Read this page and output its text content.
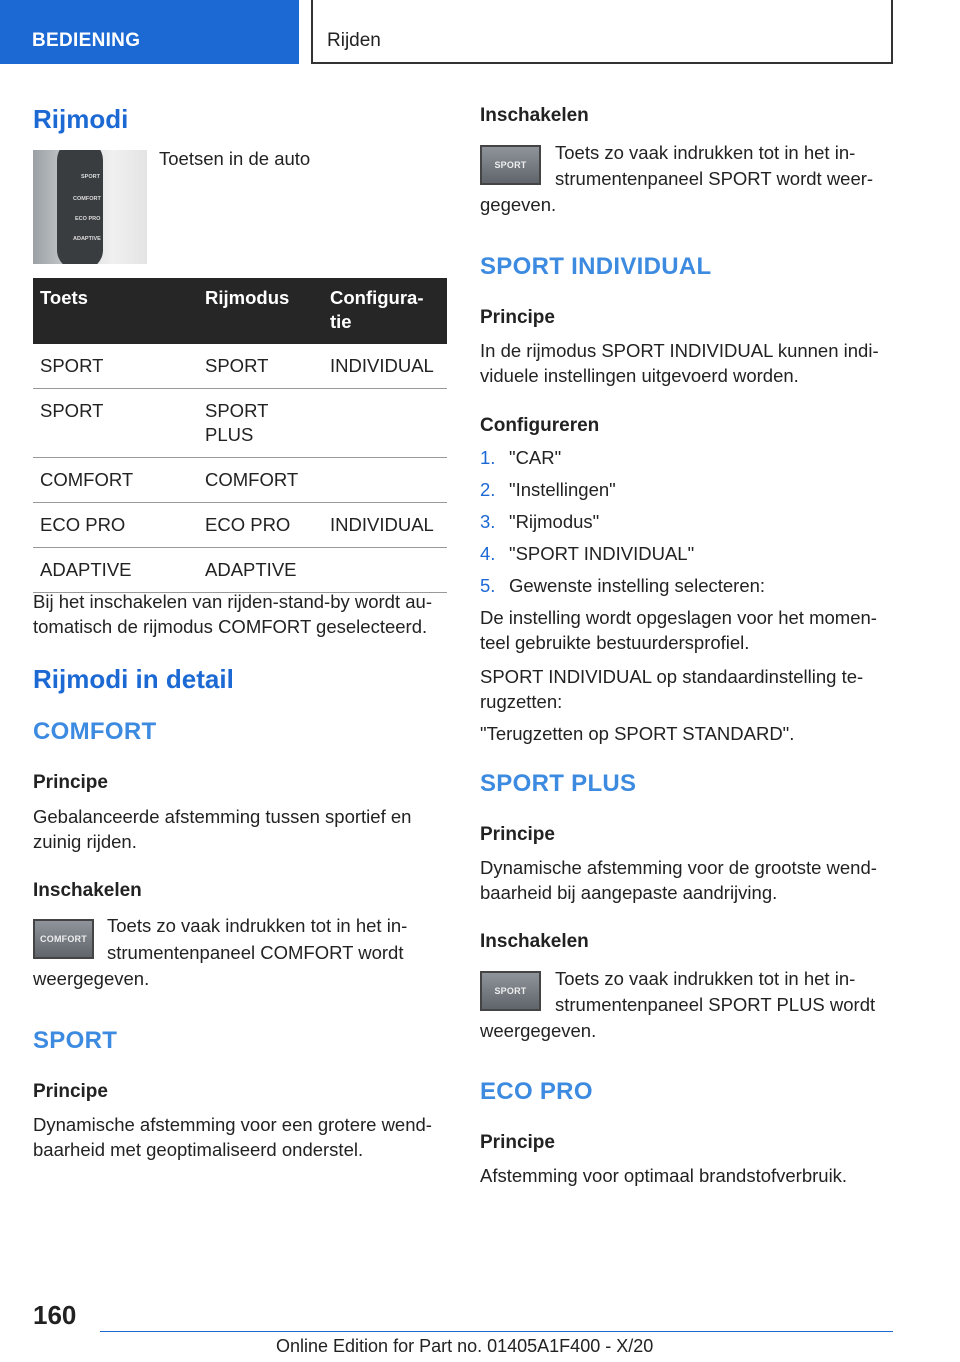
BEDIENING	Rijden
Rijmodi
SPORT
COMFORT
ECO PRO
ADAPTIVE
Toetsen in de auto
Toets	Rijmodus	Configura-
tie
SPORT	SPORT	INDIVIDUAL
SPORT	SPORT
PLUS	
COMFORT	COMFORT	
ECO PRO	ECO PRO	INDIVIDUAL
ADAPTIVE	ADAPTIVE	
Bij het inschakelen van rijden-stand-by wordt au‐
tomatisch de rijmodus COMFORT geselecteerd.
Rijmodi in detail
COMFORT
Principe
Gebalanceerde afstemming tussen sportief en
zuinig rijden.
Inschakelen
COMFORT
Toets zo vaak indrukken tot in het in‐
strumentenpaneel COMFORT wordt
weergegeven.
SPORT
Principe
Dynamische afstemming voor een grotere wend‐
baarheid met geoptimaliseerd onderstel.
Inschakelen
SPORT
Toets zo vaak indrukken tot in het in‐
strumentenpaneel SPORT wordt weer‐
gegeven.
SPORT INDIVIDUAL
Principe
In de rijmodus SPORT INDIVIDUAL kunnen indi‐
viduele instellingen uitgevoerd worden.
Configureren
1. "CAR"
2. "Instellingen"
3. "Rijmodus"
4. "SPORT INDIVIDUAL"
5. Gewenste instelling selecteren:
De instelling wordt opgeslagen voor het momen‐
teel gebruikte bestuurdersprofiel.
SPORT INDIVIDUAL op standaardinstelling te‐
rugzetten:
"Terugzetten op SPORT STANDARD".
SPORT PLUS
Principe
Dynamische afstemming voor de grootste wend‐
baarheid bij aangepaste aandrijving.
Inschakelen
SPORT
Toets zo vaak indrukken tot in het in‐
strumentenpaneel SPORT PLUS wordt
weergegeven.
ECO PRO
Principe
Afstemming voor optimaal brandstofverbruik.
160
Online Edition for Part no. 01405A1F400 - X/20
